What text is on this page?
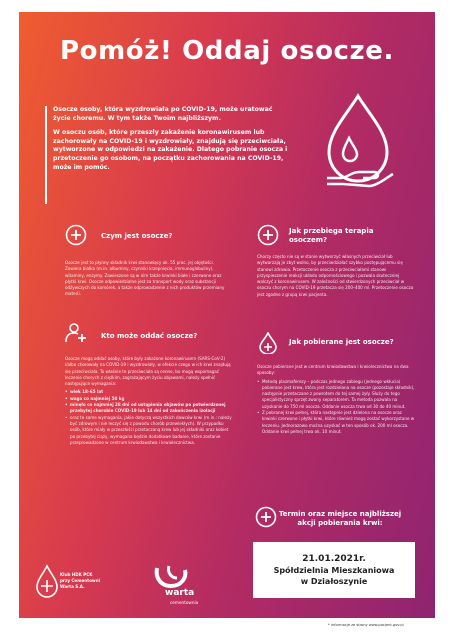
Pomóż! Oddaj osocze.

Osocze osoby, która wyzdrowiała po COVID-19, może uratować życie choremu. W tym także Twoim najbliższym.

W osoczu osób, które przeszły zakażenie koronawirusem lub zachorowały na COVID-19 i wyzdrowiały, znajdują się przeciwciała, wytworzone w odpowiedzi na zakażenie. Dlatego pobranie osocza i przetoczenie go osobom, na początku zachorowania na COVID-19, może im pomóc.

Czym jest osocze?
Osocze jest to płynny składnik krwi stanowiący ok. 55 proc. jej objętości. Zawiera białka (m.in. albuminy, czynniki krzepnięcia, immunoglobuliny), witaminy, enzymy. Zawieszone są w nim także krwinki białe i czerwone oraz płytki krwi. Osocze odpowiedzialne jest za transport wody oraz substancji odżywczych do komórek, a także odprowadzenie z nich produktów przemiany materii.
Jak przebiega terapia osoczem?
Chorzy często nie są w stanie wytworzyć własnych przeciwciał lub wytwarzają je zbyt wolno, by przeciwdziałać szybko postępującemu się stanowi zdrowia. Przetoczenie osocza z przeciwciałami stanowi przyspieszenie reakcji układu odpornościowego i pozwala skuteczniej walczyć z koronawirusem. W zależności od stwierdzonych przeciwciał w osoczu chorym na COVID-19 przetacza się 200–400 ml. Przetoczenie osocza jest zgodne z grupą krwi pacjenta.
Kto może oddać osocze?

Osocze mogą oddać osoby, które były zakażone koronawirusem (SARS-CoV-2) i/albo chorowały na COVID-19 i wyzdrowiały, w efekcie czego w ich krwi znajdują się przeciwciała. To właśnie te przeciwciała są cenne, bo mogą wspomagać leczenie chorych z ciężkim, zagrażającym życiu objawami, należy spełnić następujące wymagania:

• wiek 18–65 lat
• waga co najmniej 50 kg
• minęło co najmniej 28 dni od ustąpienia objawów po potwierdzonej przebytej chorobie COVID-19 lub 14 dni od zakończenia izolacji
• oraz te same wymagania, jakie dotyczą wszystkich dawców krwi (m.in.: należy być zdrowym i nie leczyć się z powodu chorób przewlekłych). W przypadku osób, które miały w przeszłości przetaczaną krew lub jej składniki oraz kobiet po przebytej ciąży, wymagana będzie dodatkowe badanie, które zostanie przeprowadzone w centrum krwiodawstwa i krwiolecznictwa.
Jak pobierane jest osocze?

Osocze pobierane jest w centrum krwiodawstwa i krwiolecznictwa na dwa sposoby:

• Metodą plazmaferezy – podczas jednego zabiegu (jednego wkłucia) pobierane jest krew, która jest rozdzielana na osocze (pozostaje składnik), następnie przetaczane z powrotem do tej samej żyły. Służy do tego specjalistyczny sprzęt zwany separatorem. Ta metoda pozwala na uzyskanie do 750 ml osocza. Oddanie osocza trwa od 30 do 40 minut.
• Z pobranej krwi pełnej, która następnie jest dzielona na osocze oraz krwinki czerwone i płytki krwi, które również mogą zostać wykorzystane w leczeniu. Jednorazowo można uzyskać w ten sposób ok. 200 ml osocza. Oddanie krwi pełnej trwa ok. 10 minut.
Termin oraz miejsce najbliższej akcji pobierania krwi:
21.01.2021r.
Spółdzielnia Mieszkaniowa
w Działoszynie
Klub HDK PCK
przy Cementowni
Warta S.A.
warta
cementownia
* informacje ze strony www.pacjent.gov.pl
